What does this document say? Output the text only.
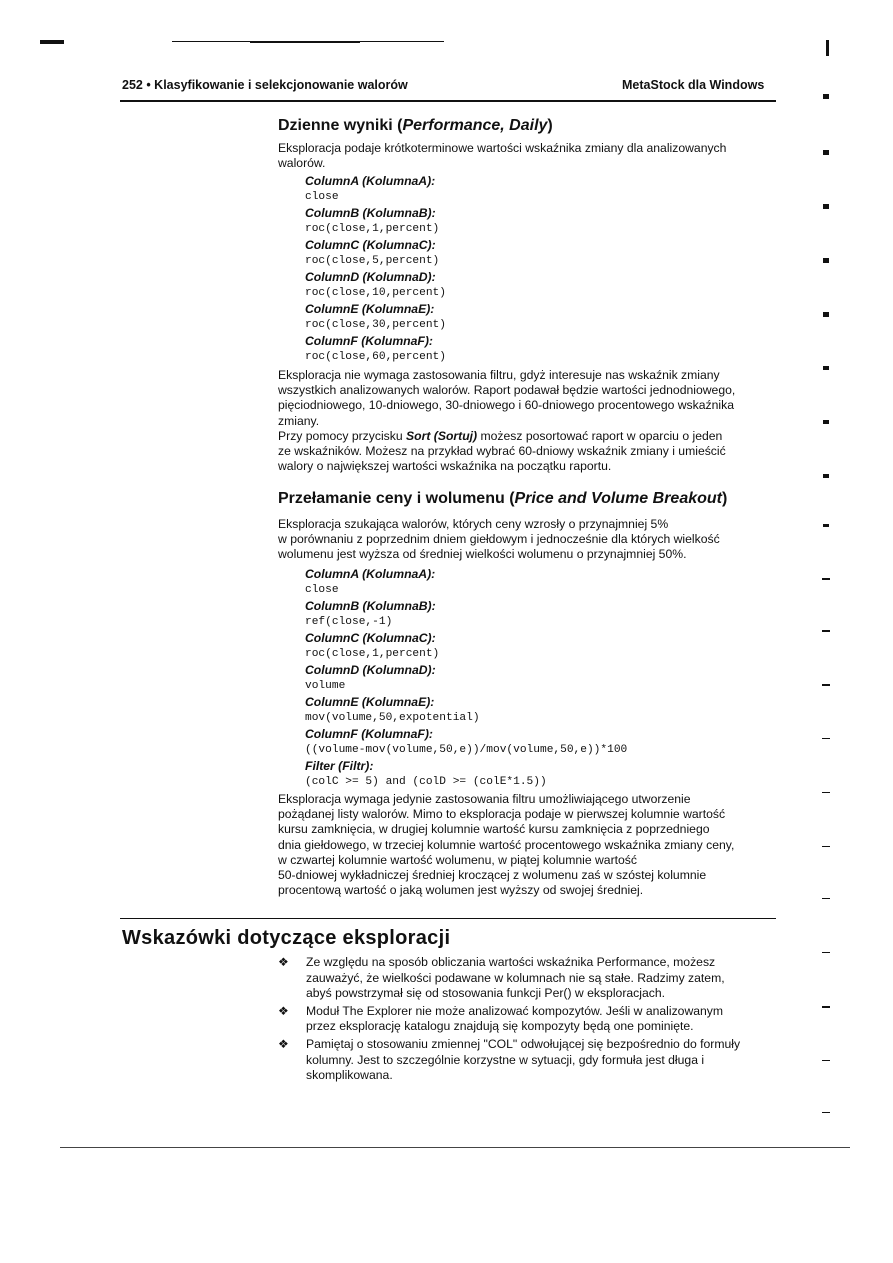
252 • Klasyfikowanie i selekcjonowanie walorów	MetaStock dla Windows
Dzienne wyniki (Performance, Daily)
Eksploracja podaje krótkoterminowe wartości wskaźnika zmiany dla analizowanych
walorów.
ColumnA (KolumnaA):
close
ColumnB (KolumnaB):
roc(close,1,percent)
ColumnC (KolumnaC):
roc(close,5,percent)
ColumnD (KolumnaD):
roc(close,10,percent)
ColumnE (KolumnaE):
roc(close,30,percent)
ColumnF (KolumnaF):
roc(close,60,percent)
Eksploracja nie wymaga zastosowania filtru, gdyż interesuje nas wskaźnik zmiany
wszystkich analizowanych walorów. Raport podawał będzie wartości jednodniowego,
pięciodniowego, 10-dniowego, 30-dniowego i 60-dniowego procentowego wskaźnika
zmiany.
Przy pomocy przycisku Sort (Sortuj) możesz posortować raport w oparciu o jeden
ze wskaźników. Możesz na przykład wybrać 60-dniowy wskaźnik zmiany i umieścić
walory o największej wartości wskaźnika na początku raportu.
Przełamanie ceny i wolumenu (Price and Volume Breakout)
Eksploracja szukająca walorów, których ceny wzrosły o przynajmniej 5%
w porównaniu z poprzednim dniem giełdowym i jednocześnie dla których wielkość
wolumenu jest wyższa od średniej wielkości wolumenu o przynajmniej 50%.
ColumnA (KolumnaA):
close
ColumnB (KolumnaB):
ref(close,-1)
ColumnC (KolumnaC):
roc(close,1,percent)
ColumnD (KolumnaD):
volume
ColumnE (KolumnaE):
mov(volume,50,expotential)
ColumnF (KolumnaF):
((volume-mov(volume,50,e))/mov(volume,50,e))*100
Filter (Filtr):
(colC >= 5) and (colD >= (colE*1.5))
Eksploracja wymaga jedynie zastosowania filtru umożliwiającego utworzenie
pożądanej listy walorów. Mimo to eksploracja podaje w pierwszej kolumnie wartość
kursu zamknięcia, w drugiej kolumnie wartość kursu zamknięcia z poprzedniego
dnia giełdowego, w trzeciej kolumnie wartość procentowego wskaźnika zmiany ceny,
w czwartej kolumnie wartość wolumenu, w piątej kolumnie wartość
50-dniowej wykładniczej średniej kroczącej z wolumenu zaś w szóstej kolumnie
procentową wartość o jaką wolumen jest wyższy od swojej średniej.
Wskazówki dotyczące eksploracji
❖ Ze względu na sposób obliczania wartości wskaźnika Performance, możesz
zauważyć, że wielkości podawane w kolumnach nie są stałe. Radzimy zatem,
abyś powstrzymał się od stosowania funkcji Per() w eksploracjach.
❖ Moduł The Explorer nie może analizować kompozytów. Jeśli w analizowanym
przez eksplorację katalogu znajdują się kompozyty będą one pominięte.
❖ Pamiętaj o stosowaniu zmiennej "COL" odwołującej się bezpośrednio do formuły
kolumny. Jest to szczególnie korzystne w sytuacji, gdy formuła jest długa i
skomplikowana.
